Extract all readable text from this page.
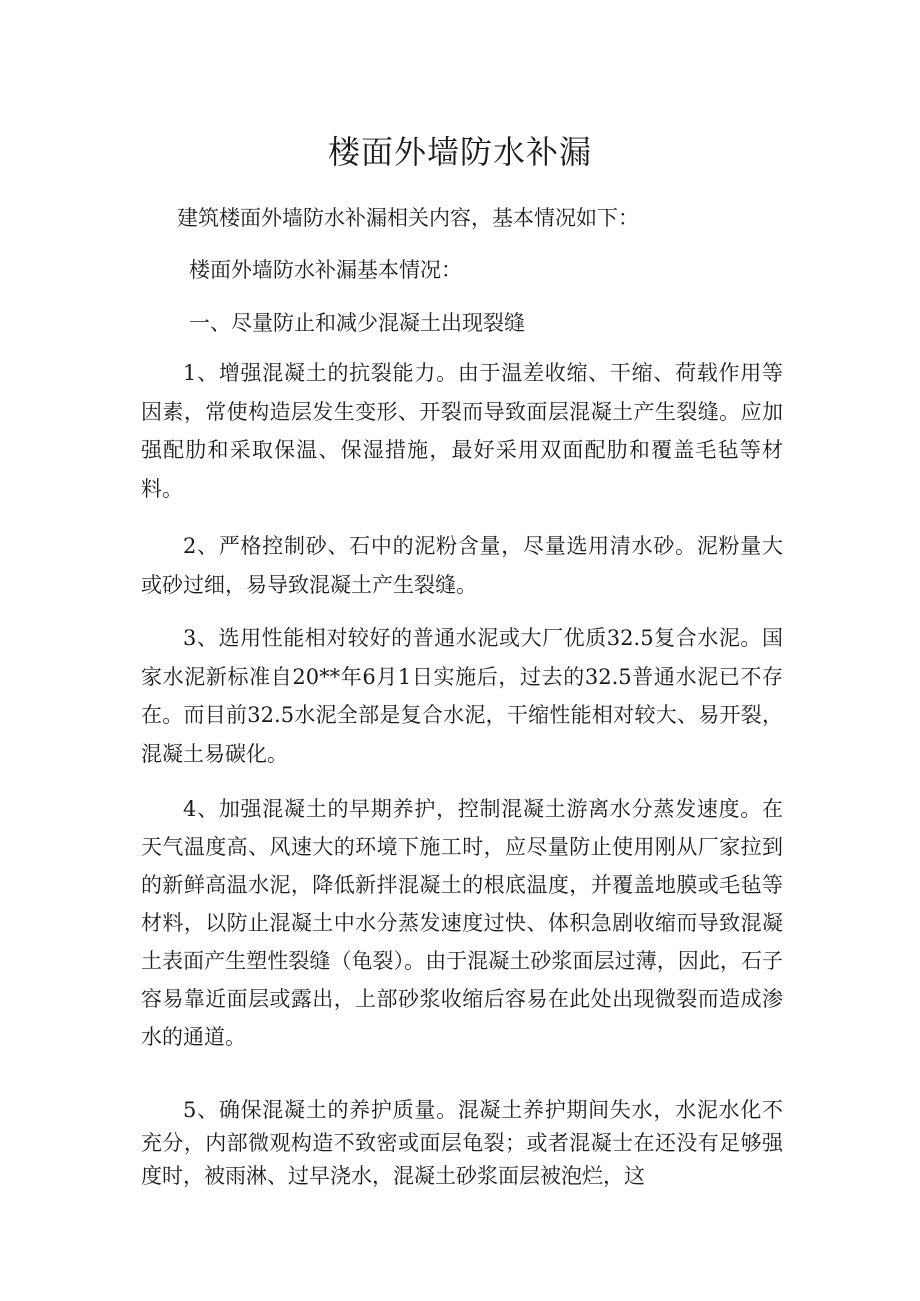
楼面外墙防水补漏

建筑楼面外墙防水补漏相关内容，基本情况如下：

楼面外墙防水补漏基本情况：

一、尽量防止和减少混凝土出现裂缝

1、增强混凝土的抗裂能力。由于温差收缩、干缩、荷载作用等因素，常使构造层发生变形、开裂而导致面层混凝土产生裂缝。应加强配肋和采取保温、保湿措施，最好采用双面配肋和覆盖毛毡等材料。

2、严格控制砂、石中的泥粉含量，尽量选用清水砂。泥粉量大或砂过细，易导致混凝土产生裂缝。

3、选用性能相对较好的普通水泥或大厂优质32.5复合水泥。国家水泥新标准自20**年6月1日实施后，过去的32.5普通水泥已不存在。而目前32.5水泥全部是复合水泥，干缩性能相对较大、易开裂，混凝土易碳化。

4、加强混凝土的早期养护，控制混凝土游离水分蒸发速度。在天气温度高、风速大的环境下施工时，应尽量防止使用刚从厂家拉到的新鲜高温水泥，降低新拌混凝土的根底温度，并覆盖地膜或毛毡等材料，以防止混凝土中水分蒸发速度过快、体积急剧收缩而导致混凝土表面产生塑性裂缝（龟裂）。由于混凝土砂浆面层过薄，因此，石子容易靠近面层或露出，上部砂浆收缩后容易在此处出现微裂而造成渗水的通道。

5、确保混凝土的养护质量。混凝土养护期间失水，水泥水化不充分，内部微观构造不致密或面层龟裂；或者混凝士在还没有足够强度时，被雨淋、过早浇水，混凝土砂浆面层被泡烂，这
